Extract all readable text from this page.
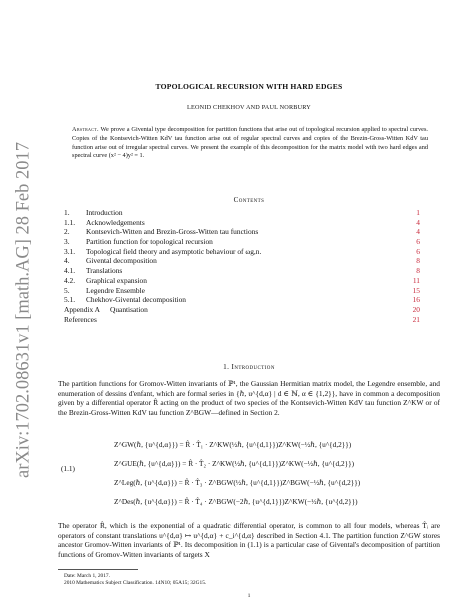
arXiv:1702.08631v1 [math.AG] 28 Feb 2017
TOPOLOGICAL RECURSION WITH HARD EDGES
LEONID CHEKHOV AND PAUL NORBURY
Abstract. We prove a Givental type decomposition for partition functions that arise out of topological recursion applied to spectral curves. Copies of the Kontsevich-Witten KdV tau function arise out of regular spectral curves and copies of the Brezin-Gross-Witten KdV tau function arise out of irregular spectral curves. We present the example of this decomposition for the matrix model with two hard edges and spectral curve (x² − 4)y² = 1.
Contents
1. Introduction	1
1.1. Acknowledgements	4
2. Kontsevich-Witten and Brezin-Gross-Witten tau functions	4
3. Partition function for topological recursion	6
3.1. Topological field theory and asymptotic behaviour of ωg,n.	6
4. Givental decomposition	8
4.1. Translations	8
4.2. Graphical expansion	11
5. Legendre Ensemble	15
5.1. Chekhov-Givental decomposition	16
Appendix A Quantisation	20
References	21
1. Introduction
The partition functions for Gromov-Witten invariants of ℙ¹, the Gaussian Hermitian matrix model, the Legendre ensemble, and enumeration of dessins d'enfant, which are formal series in {ℏ, u^{d,α} | d ∈ ℕ, α ∈ {1,2}}, have in common a decomposition given by a differential operator R̂ acting on the product of two species of the Kontsevich-Witten KdV tau function Z^KW or of the Brezin-Gross-Witten KdV tau function Z^BGW—defined in Section 2.
(1.1)
Z^GW(ℏ, {u^{d,α}}) = R̂ · T̂₁ · Z^KW(½ℏ, {u^{d,1}})Z^KW(−½ℏ, {u^{d,2}})
Z^GUE(ℏ, {u^{d,α}}) = R̂ · T̂₂ · Z^KW(½ℏ, {u^{d,1}})Z^KW(−½ℏ, {u^{d,2}})
Z^Leg(ℏ, {u^{d,α}}) = R̂ · T̂₃ · Z^BGW(½ℏ, {u^{d,1}})Z^BGW(−½ℏ, {u^{d,2}})
Z^Des(ℏ, {u^{d,α}}) = R̂ · T̂₄ · Z^BGW(−2ℏ, {u^{d,1}})Z^KW(−½ℏ, {u^{d,2}})
The operator R̂, which is the exponential of a quadratic differential operator, is common to all four models, whereas T̂ᵢ are operators of constant translations u^{d,α} ↦ u^{d,α} + c_i^{d,α} described in Section 4.1. The partition function Z^GW stores ancestor Gromov-Witten invariants of ℙ¹. Its decomposition in (1.1) is a particular case of Givental's decomposition of partition functions of Gromov-Witten invariants of targets X
Date: March 1, 2017.
2010 Mathematics Subject Classification. 14N10; 05A15; 32G15.
1
